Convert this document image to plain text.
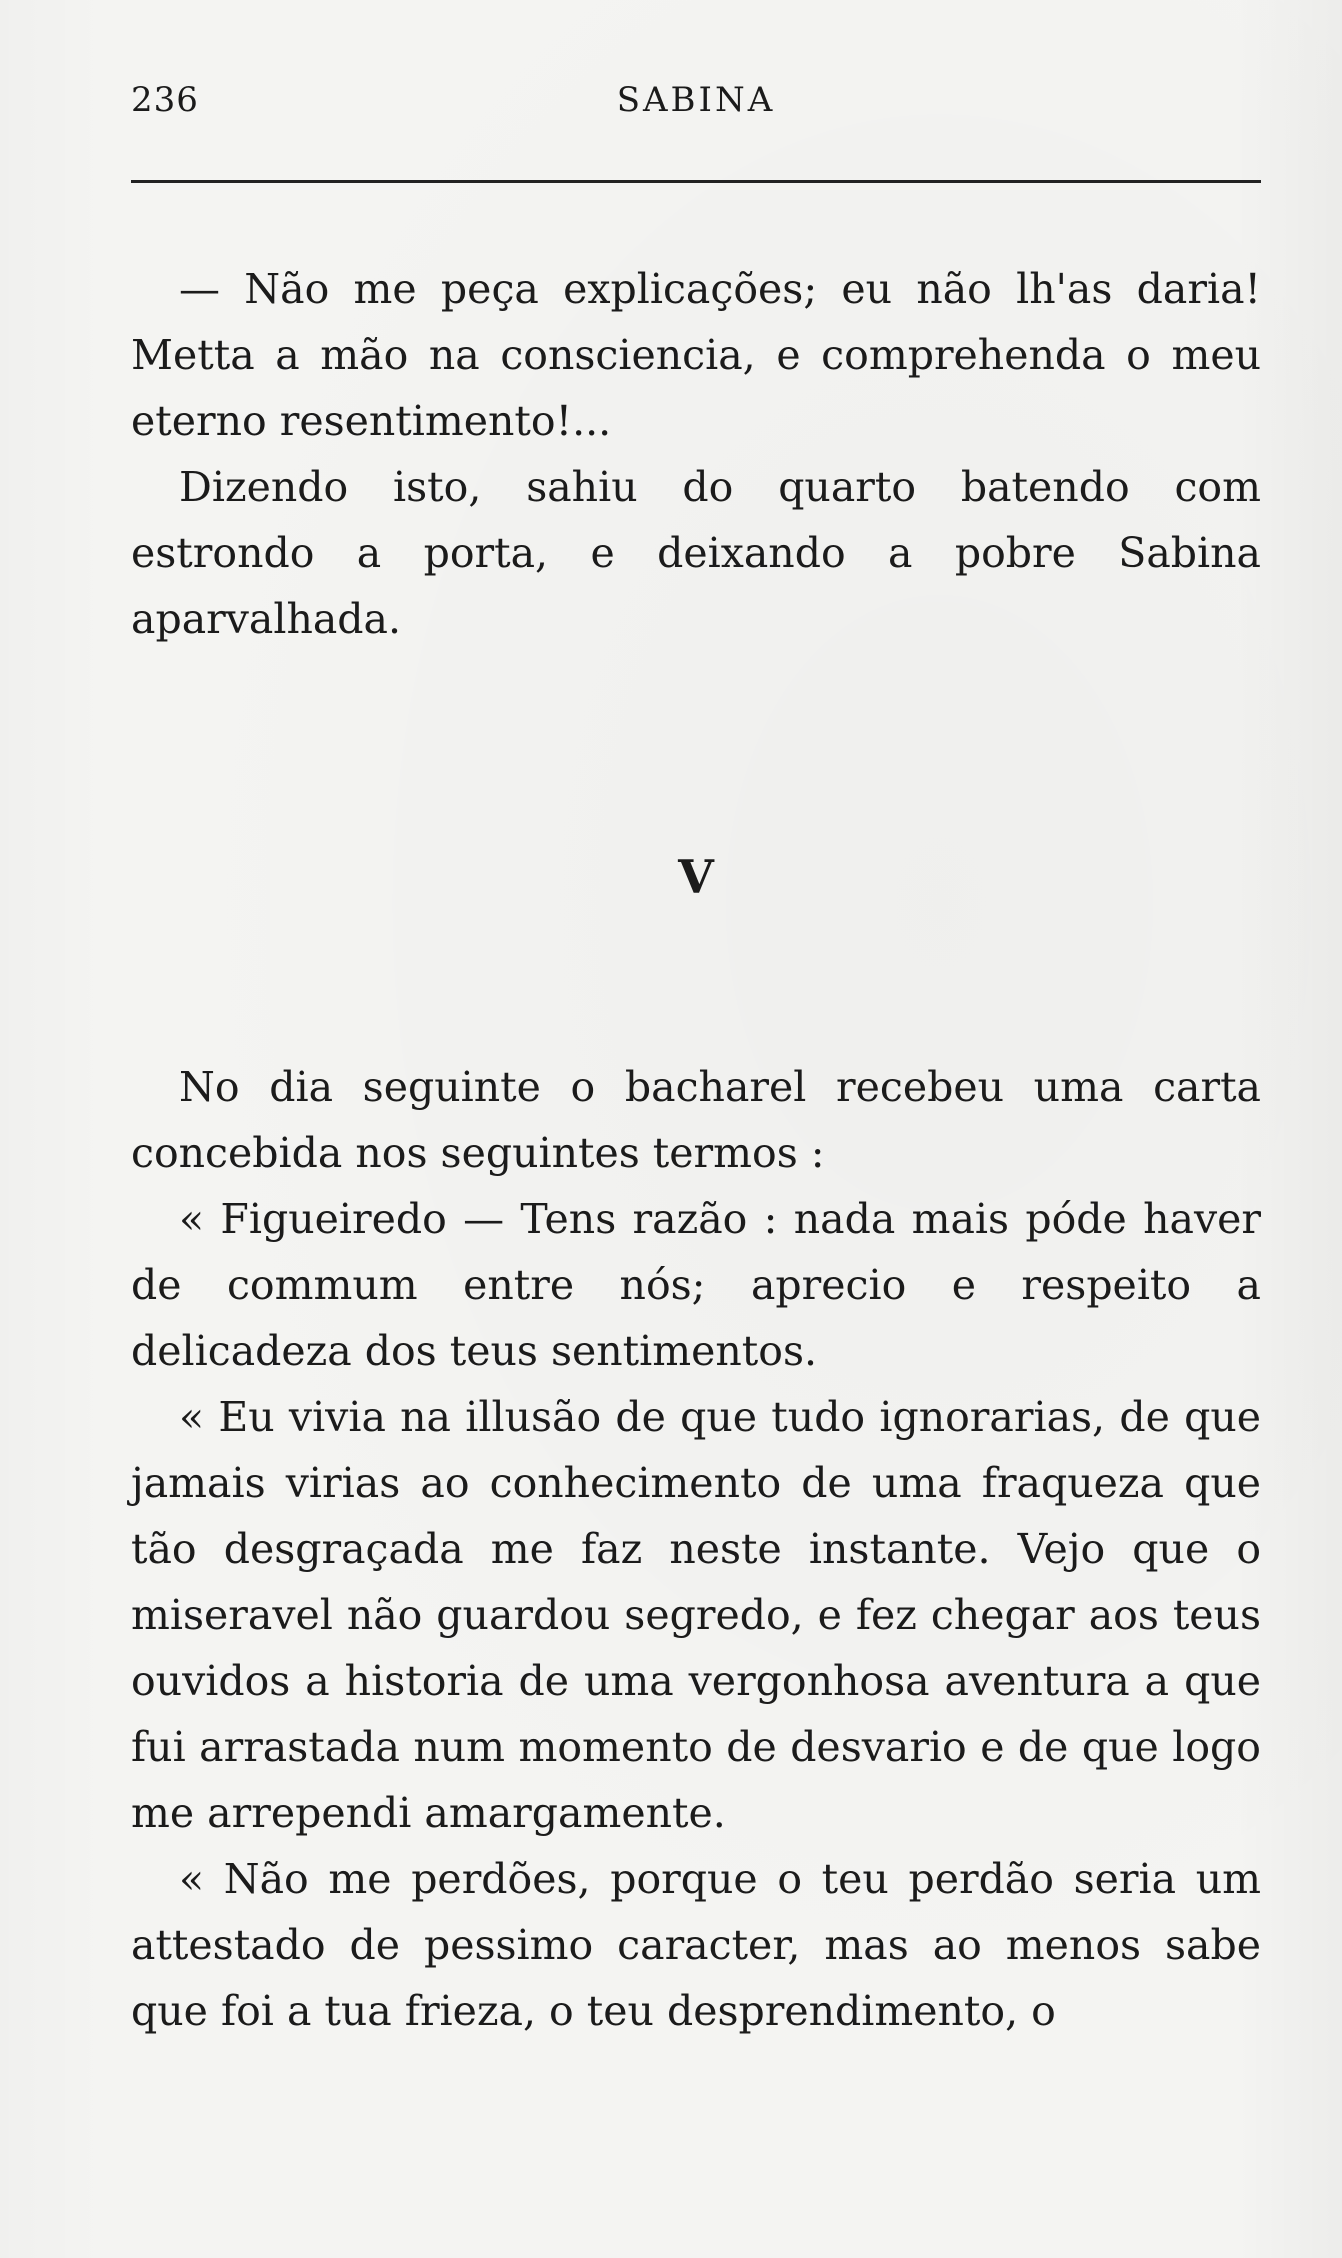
236	SABINA

— Não me peça explicações; eu não lh'as daria! Metta a mão na consciencia, e comprehenda o meu eterno resentimento!...

Dizendo isto, sahiu do quarto batendo com estrondo a porta, e deixando a pobre Sabina aparvalhada.

V

No dia seguinte o bacharel recebeu uma carta concebida nos seguintes termos :

« Figueiredo — Tens razão : nada mais póde haver de commum entre nós; aprecio e respeito a delicadeza dos teus sentimentos.

« Eu vivia na illusão de que tudo ignorarias, de que jamais virias ao conhecimento de uma fraqueza que tão desgraçada me faz neste instante. Vejo que o miseravel não guardou segredo, e fez chegar aos teus ouvidos a historia de uma vergonhosa aventura a que fui arrastada num momento de desvario e de que logo me arrependi amargamente.

« Não me perdões, porque o teu perdão seria um attestado de pessimo caracter, mas ao menos sabe que foi a tua frieza, o teu desprendimento, o
